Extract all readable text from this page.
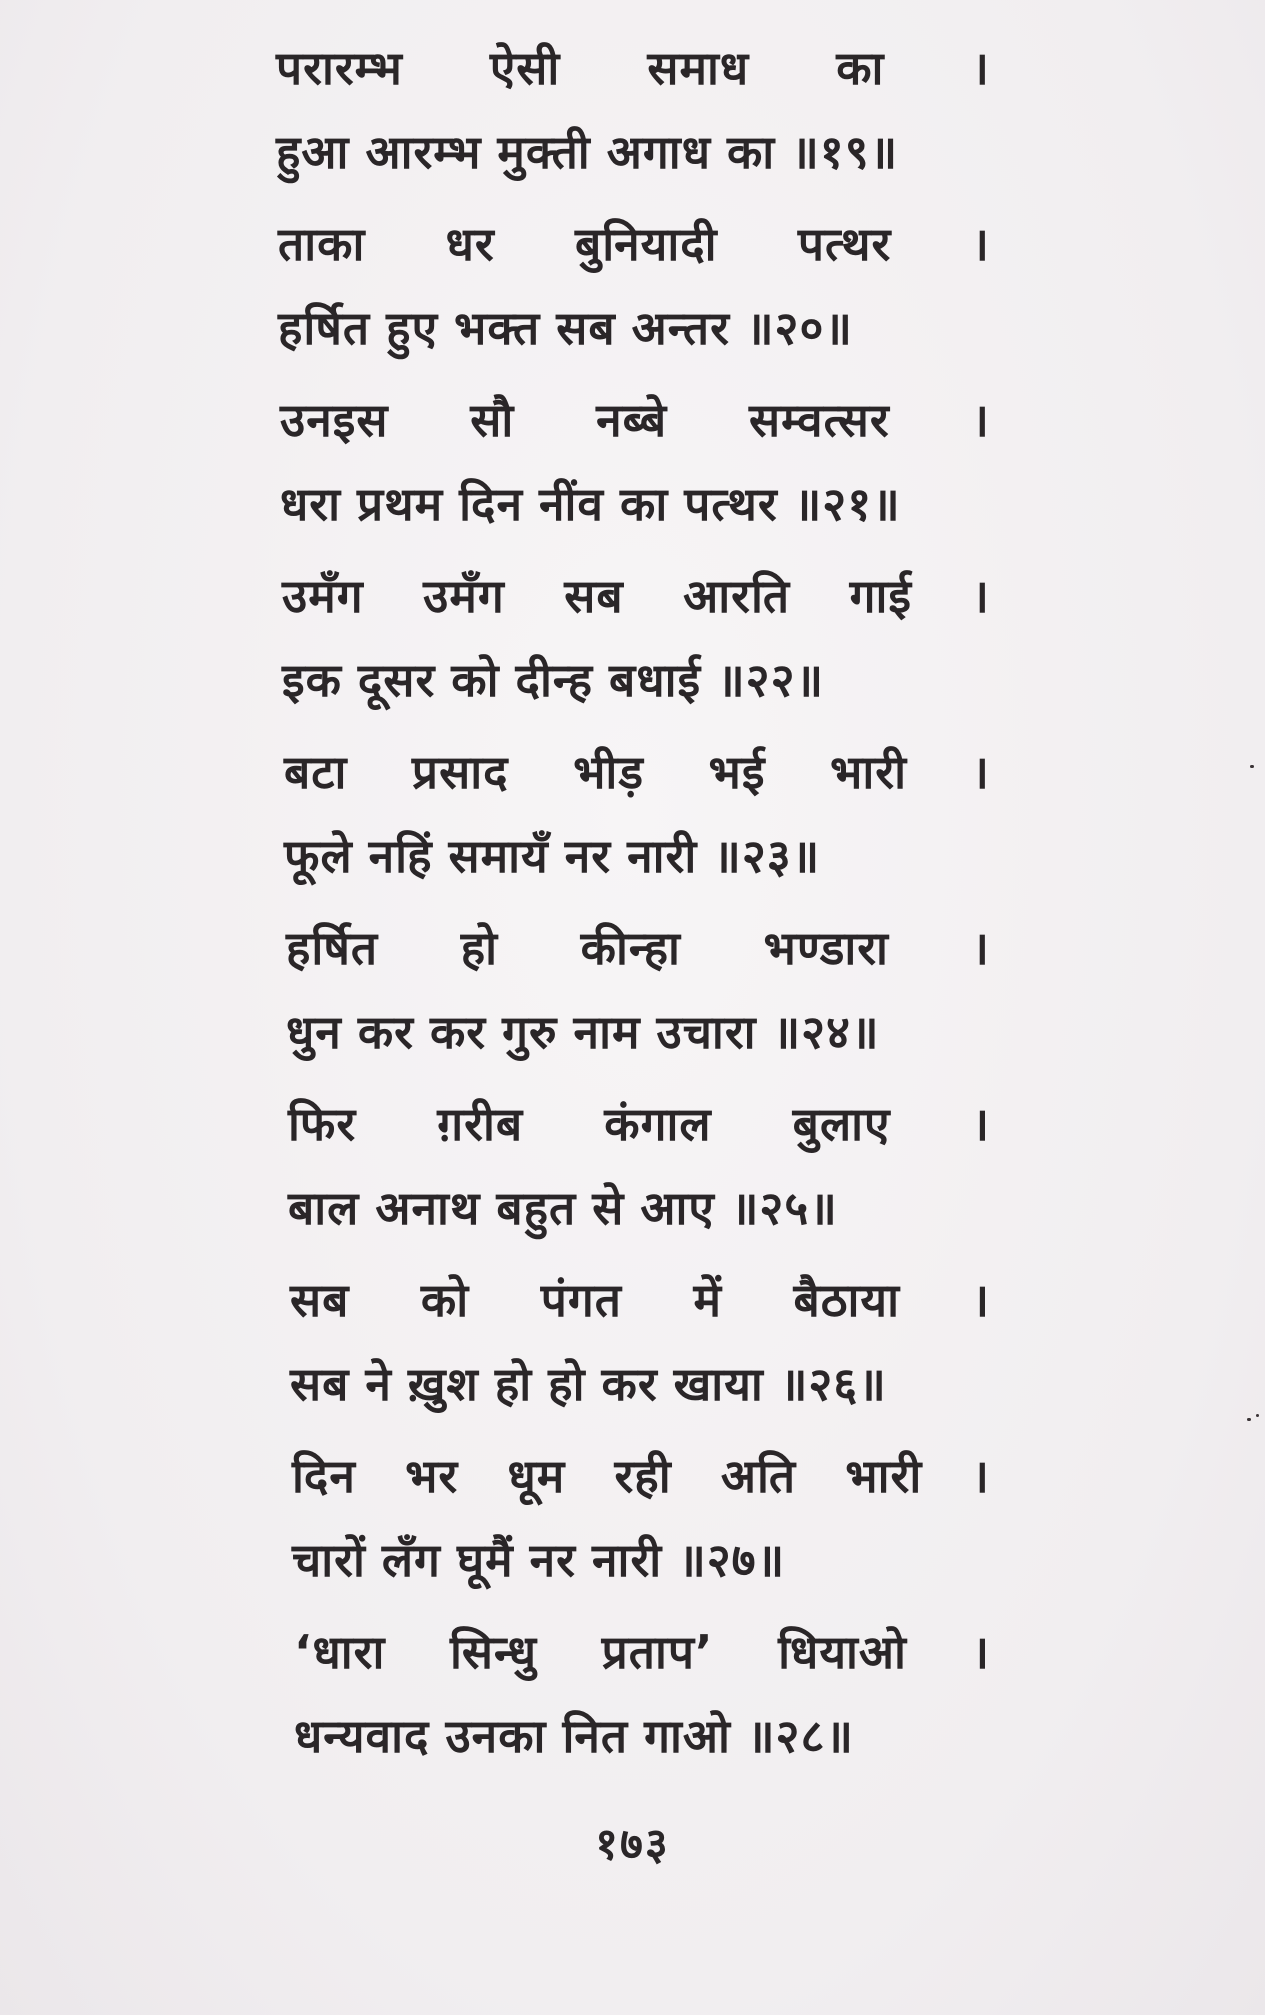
परारम्भ ऐसी समाध का ।
हुआ आरम्भ मुक्ती अगाध का ॥१९॥
ताका धर बुनियादी पत्थर ।
हर्षित हुए भक्त सब अन्तर ॥२०॥
उनइस सौ नब्बे सम्वत्सर ।
धरा प्रथम दिन नींव का पत्थर ॥२१॥
उमँग उमँग सब आरति गाई ।
इक दूसर को दीन्ह बधाई ॥२२॥
बटा प्रसाद भीड़ भई भारी ।
फूले नहिं समायँ नर नारी ॥२३॥
हर्षित हो कीन्हा भण्डारा ।
धुन कर कर गुरु नाम उचारा ॥२४॥
फिर ग़रीब कंगाल बुलाए ।
बाल अनाथ बहुत से आए ॥२५॥
सब को पंगत में बैठाया ।
सब ने ख़ुश हो हो कर खाया ॥२६॥
दिन भर धूम रही अति भारी ।
चारों लँग घूमैं नर नारी ॥२७॥
‘धारा सिन्धु प्रताप’ धियाओ ।
धन्यवाद उनका नित गाओ ॥२८॥
१७३
